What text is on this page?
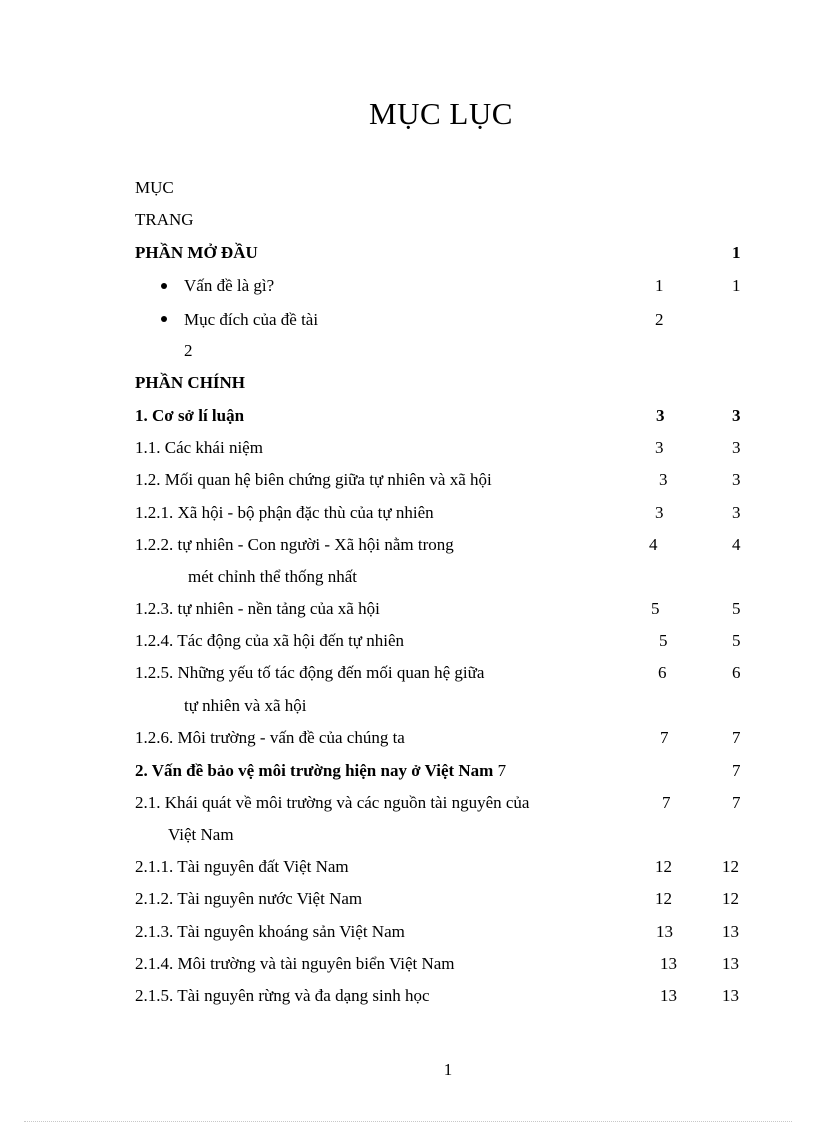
MỤC LỤC
MỤC
TRANG
PHẦN MỞ ĐẦU	1
Vấn đề là gì?	1	1
Mục đích của đề tài	2
2
PHẦN CHÍNH
1. Cơ sở lí luận	3	3
1.1. Các khái niệm	3	3
1.2. Mối quan hệ biên chứng giữa tự nhiên và xã hội	3	3
1.2.1. Xã hội - bộ phận đặc thù của tự nhiên	3	3
1.2.2. tự nhiên - Con người - Xã hội nằm trong	4	4
mét chỉnh thể thống nhất
1.2.3. tự nhiên - nền tảng của xã hội	5	5
1.2.4. Tác động của xã hội đến tự nhiên	5	5
1.2.5. Những yếu tố tác động đến mối quan hệ giữa	6	6
tự nhiên và xã hội
1.2.6. Môi trường - vấn đề của chúng ta	7	7
2. Vấn đề bảo vệ môi trường hiện nay ở Việt Nam 7	7
2.1. Khái quát về môi trường và các nguồn tài nguyên của	7	7
Việt Nam
2.1.1. Tài nguyên đất Việt Nam	12	12
2.1.2. Tài nguyên nước Việt Nam	12	12
2.1.3. Tài nguyên khoáng sản Việt Nam	13	13
2.1.4. Môi trường và tài nguyên biển Việt Nam	13	13
2.1.5. Tài nguyên rừng và đa dạng sinh học	13	13
1
